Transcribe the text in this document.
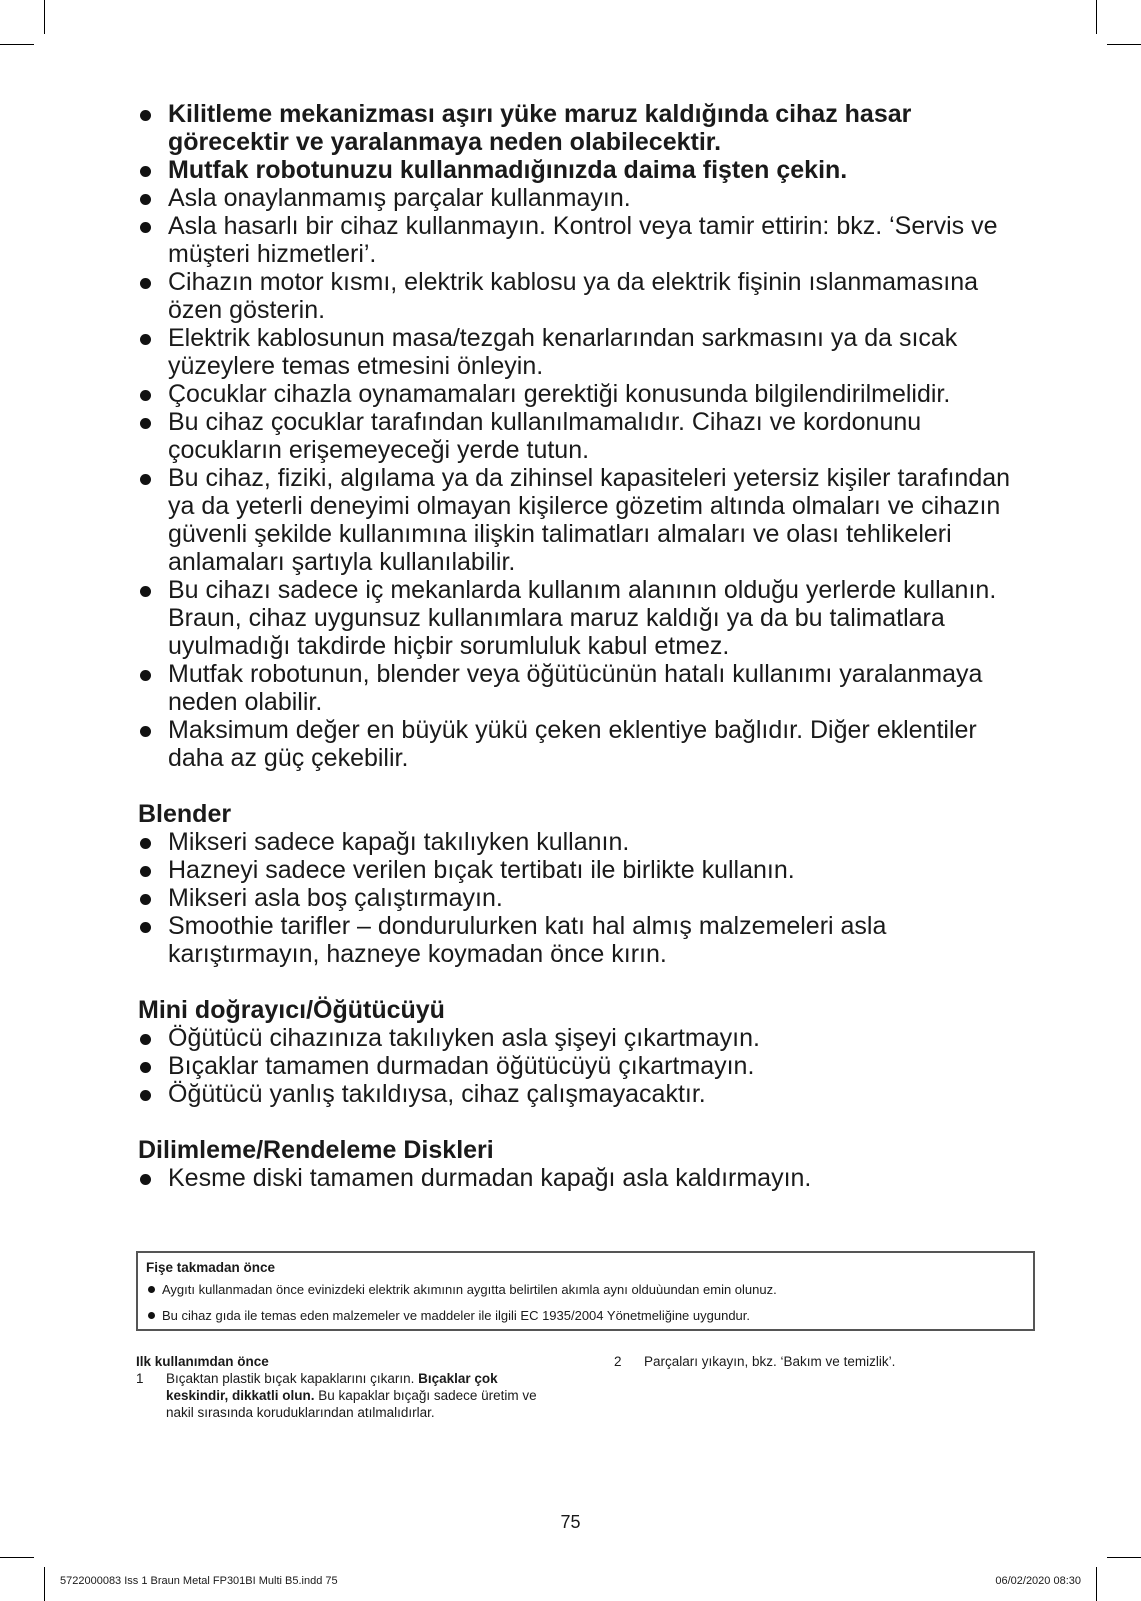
Kilitleme mekanizması aşırı yüke maruz kaldığında cihaz hasar görecektir ve yaralanmaya neden olabilecektir.
Mutfak robotunuzu kullanmadığınızda daima fişten çekin.
Asla onaylanmamış parçalar kullanmayın.
Asla hasarlı bir cihaz kullanmayın. Kontrol veya tamir ettirin: bkz. ‘Servis ve müşteri hizmetleri’.
Cihazın motor kısmı, elektrik kablosu ya da elektrik fişinin ıslanmamasına özen gösterin.
Elektrik kablosunun masa/tezgah kenarlarından sarkmasını ya da sıcak yüzeylere temas etmesini önleyin.
Çocuklar cihazla oynamamaları gerektiği konusunda bilgilendirilmelidir.
Bu cihaz çocuklar tarafından kullanılmamalıdır. Cihazı ve kordonunu çocukların erişemeyeceği yerde tutun.
Bu cihaz, fiziki, algılama ya da zihinsel kapasiteleri yetersiz kişiler tarafından ya da yeterli deneyimi olmayan kişilerce gözetim altında olmaları ve cihazın güvenli şekilde kullanımına ilişkin talimatları almaları ve olası tehlikeleri anlamaları şartıyla kullanılabilir.
Bu cihazı sadece iç mekanlarda kullanım alanının olduğu yerlerde kullanın. Braun, cihaz uygunsuz kullanımlara maruz kaldığı ya da bu talimatlara uyulmadığı takdirde hiçbir sorumluluk kabul etmez.
Mutfak robotunun, blender veya öğütücünün hatalı kullanımı yaralanmaya neden olabilir.
Maksimum değer en büyük yükü çeken eklentiye bağlıdır. Diğer eklentiler daha az güç çekebilir.
Blender
Mikseri sadece kapağı takılıyken kullanın.
Hazneyi sadece verilen bıçak tertibatı ile birlikte kullanın.
Mikseri asla boş çalıştırmayın.
Smoothie tarifler – dondurulurken katı hal almış malzemeleri asla karıştırmayın, hazneye koymadan önce kırın.
Mini doğrayıcı/Öğütücüyü
Öğütücü cihazınıza takılıyken asla şişeyi çıkartmayın.
Bıçaklar tamamen durmadan öğütücüyü çıkartmayın.
Öğütücü yanlış takıldıysa, cihaz çalışmayacaktır.
Dilimleme/Rendeleme Diskleri
Kesme diski tamamen durmadan kapağı asla kaldırmayın.
Fişe takmadan önce
Aygıtı kullanmadan önce evinizdeki elektrik akımının aygıtta belirtilen akımla aynı olduùundan emin olunuz.
Bu cihaz gıda ile temas eden malzemeler ve maddeler ile ilgili EC 1935/2004 Yönetmeliğine uygundur.
Ilk kullanımdan önce
1 Bıçaktan plastik bıçak kapaklarını çıkarın. Bıçaklar çok keskindir, dikkatli olun. Bu kapaklar bıçağı sadece üretim ve nakil sırasında koruduklarından atılmalıdırlar.
2 Parçaları yıkayın, bkz. ‘Bakım ve temizlik’.
75
5722000083 Iss 1 Braun Metal FP301BI Multi B5.indd 75	06/02/2020 08:30
